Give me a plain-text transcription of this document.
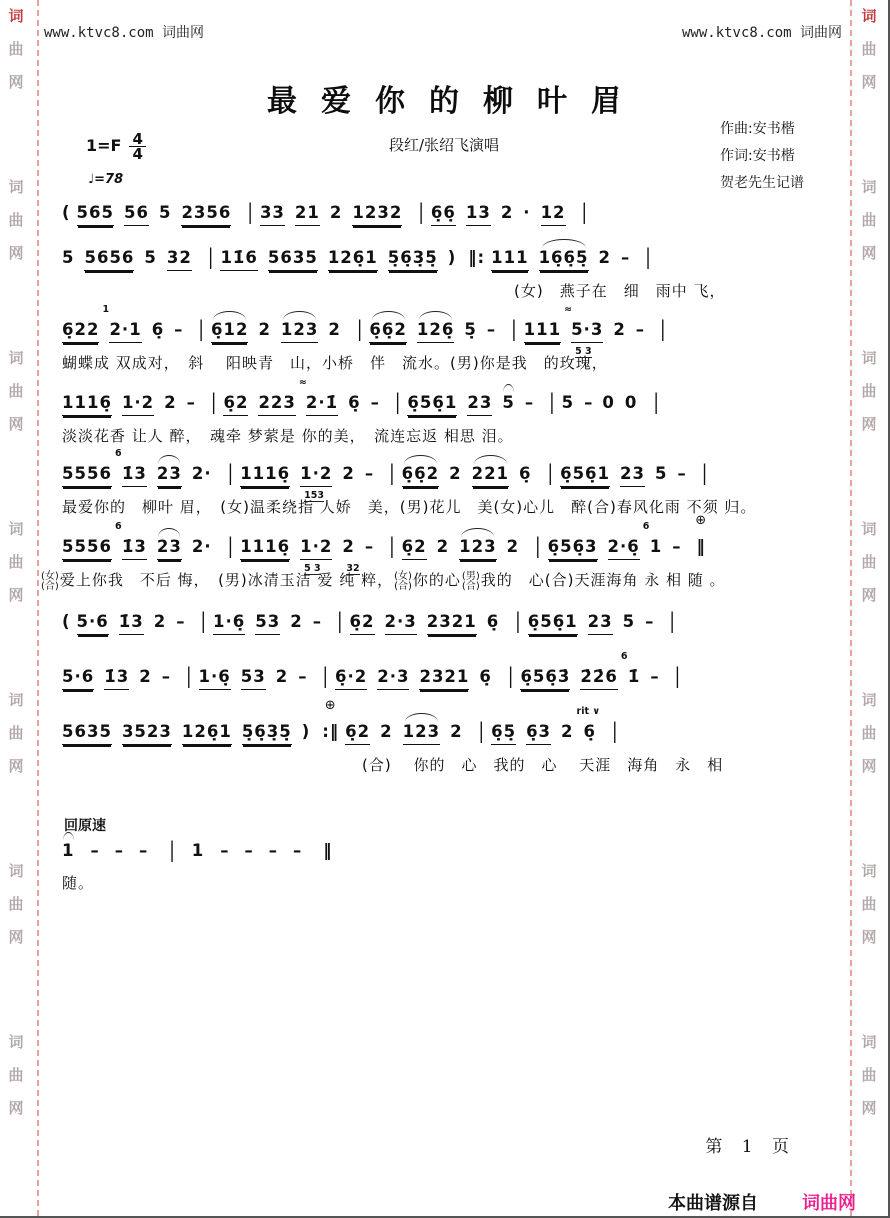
词
曲
网
词
曲
网
词
曲
网
词
曲
网
词
曲
网
词
曲
网
词
曲
网
词
曲
网
词
曲
网
词
曲
网
词
曲
网
词
曲
网
词
曲
网
词
曲
网
www.ktvc8.com 词曲网	www.ktvc8.com 词曲网
最爱你的柳叶眉
段红/张绍飞演唱
作曲:安书楷
作词:安书楷
贺老先生记谱
$1=F \frac{4}{4}$
♩=78
( 565 56 5 2356 | 33 21 2 1232 | 6̣6̣ 13 2 · 12 |
5 5656 5 32 | 11̇6 5635 126̣1 5̣6̣3̣5̣ ) ‖: 111 16̣6̣5̣ 2 – |
(女)　燕子在　细　雨中 飞，
6̣22 2·1
1
6̣ – | 6̣12 2 123 2 | 6̣6̣2 126̣ 5̣ – | 111 5·3
≈
5 3
2 – |
蝴蝶成 双成对，　斜　 阳映青　山，小桥　伴　流水。(男)你是我　的玫瑰，
1116̣ 1·2 2 – | 6̣2 223 2·1̇
≈
6̣ – | 6̣56̣1 23 5 – | 5 – 0 0 |
淡淡花香 让人 醉，　魂牵 梦萦是 你的美，　流连忘返 相思 泪。
5556 1̇3
6
23 2· | 1116̣ 1·2
153
2 – | 6̣6̣2 2 221 6̣ | 6̣56̣1 23 5 – |
最爱你的　柳叶 眉，　(女)温柔绕指 人娇　美，(男)花儿　美(女)心儿　醉(合)春风化雨 不须 归。
5556 1̇3
6
23 2· | 1116̣ 1·2
5 3
2
32
– | 6̣2 2 123 2 | 6̣56̣3 2·6̣ 1
6
– ‖
⊕
(女)
(合) 爱上你我　不后 悔，　(男)冰清玉洁 爱 纯 粹， (女)
(合) 你的心 (男)
(合) 我的　心(合)天涯海角 永 相 随 。
( 5·6 1̇3 2 – | 1·6̣ 53 2 – | 6̣2 2·3 2321 6̣ | 6̣56̣1 23 5 – |
5·6 1̇3 2 – | 1·6̣ 53 2 – | 6̣·2 2·3 2321 6̣ | 6̣56̣3̇ 2̇2̇6 1̇
6
– |
5635 3523 126̣1 5̣6̣3̣5̣ ) :‖
⊕
6̣2 2 123 2 | 6̣5̣ 6̣3 2 6̣
rit ∨
|
(合)　 你的　心　我的　心　 天涯　海角　永　相
回原速
1 – – – | 1 – – – – ‖
随。
第 1 页

本曲谱源自 词曲网
